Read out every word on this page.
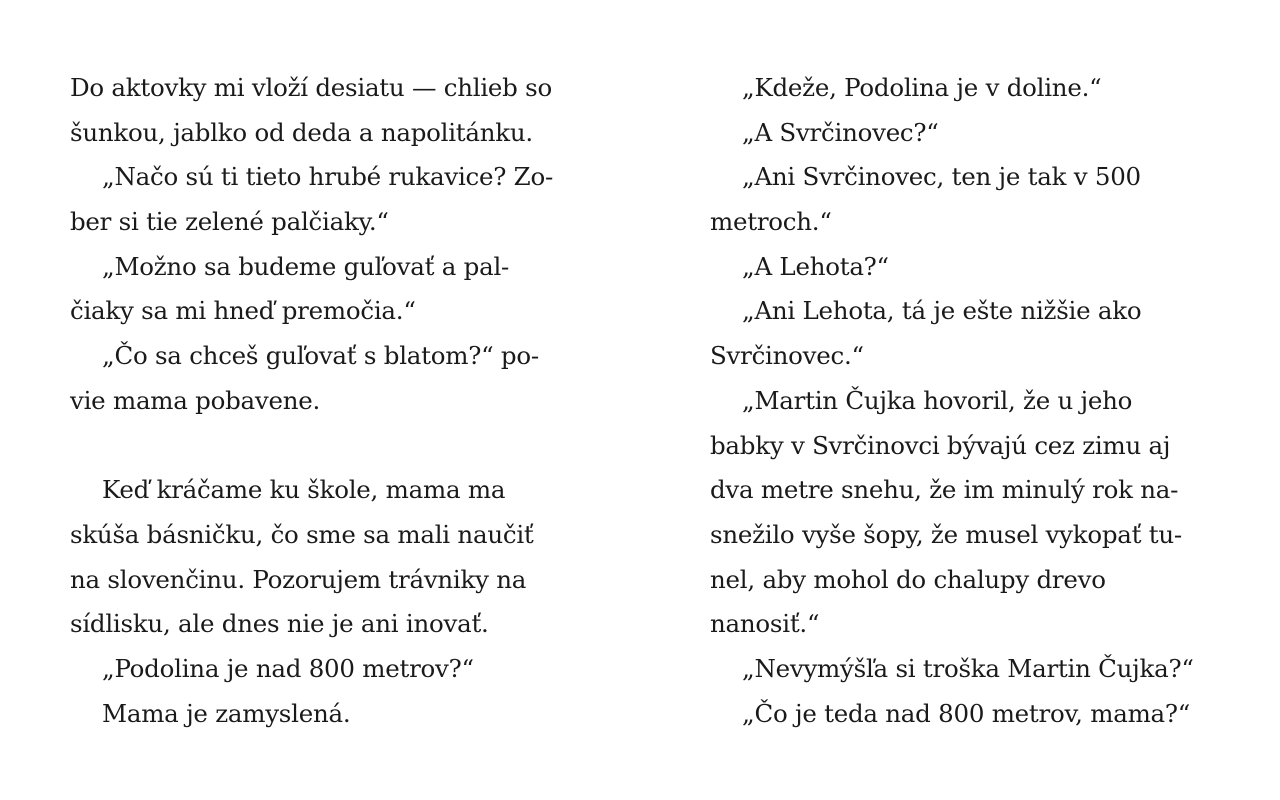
Do aktovky mi vloží desiatu — chlieb so
šunkou, jablko od deda a napolitánku.
„Načo sú ti tieto hrubé rukavice? Zo-
ber si tie zelené palčiaky.“
„Možno sa budeme guľovať a pal-
čiaky sa mi hneď premočia.“
„Čo sa chceš guľovať s blatom?“ po-
vie mama pobavene.
Keď kráčame ku škole, mama ma
skúša básničku, čo sme sa mali naučiť
na slovenčinu. Pozorujem trávniky na
sídlisku, ale dnes nie je ani inovať.
„Podolina je nad 800 metrov?“
Mama je zamyslená.
„Kdeže, Podolina je v doline.“
„A Svrčinovec?“
„Ani Svrčinovec, ten je tak v 500
metroch.“
„A Lehota?“
„Ani Lehota, tá je ešte nižšie ako
Svrčinovec.“
„Martin Čujka hovoril, že u jeho
babky v Svrčinovci bývajú cez zimu aj
dva metre snehu, že im minulý rok na-
snežilo vyše šopy, že musel vykopať tu-
nel, aby mohol do chalupy drevo
nanosiť.“
„Nevymýšľa si troška Martin Čujka?“
„Čo je teda nad 800 metrov, mama?“
